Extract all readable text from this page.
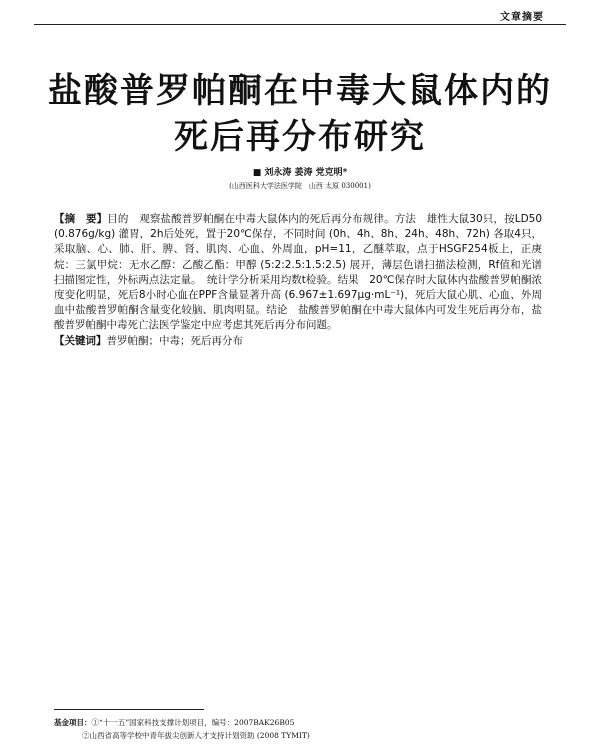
文章摘要
盐酸普罗帕酮在中毒大鼠体内的
死后再分布研究
■ 刘永涛 姜涛 党克明*
(山西医科大学法医学院　山西 太原 030001)

【摘　要】目的　观察盐酸普罗帕酮在中毒大鼠体内的死后再分布规律。方法　雄性大鼠30只，按LD50　(0.876g/kg) 灌胃，2h后处死，置于20℃保存，不同时间 (0h、4h、8h、24h、48h、72h) 各取4只，采取脑、心、肺、肝、脾、肾、肌肉、心血、外周血，pH=11，乙醚萃取，点于HSGF254板上，正庚烷：三氯甲烷：无水乙醇：乙酸乙酯：甲醇 (5:2:2.5:1.5:2.5) 展开，薄层色谱扫描法检测，Rf值和光谱扫描图定性，外标两点法定量。　统计学分析采用均数t检验。结果　20℃保存时大鼠体内盐酸普罗帕酮浓度变化明显，死后8小时心血在PPF含量显著升高 (6.967±1.697μg·mL⁻¹)，死后大鼠心肌、心血、外周血中盐酸普罗帕酮含量变化较脑、肌肉明显。结论　盐酸普罗帕酮在中毒大鼠体内可发生死后再分布，盐酸普罗帕酮中毒死亡法医学鉴定中应考虑其死后再分布问题。

【关键词】普罗帕酮；中毒；死后再分布

基金项目：①“十一五”国家科技支撑计划项目，编号：2007BAK26B05
②山西省高等学校中青年拔尖创新人才支持计划资助 (2008 TYMIT)
